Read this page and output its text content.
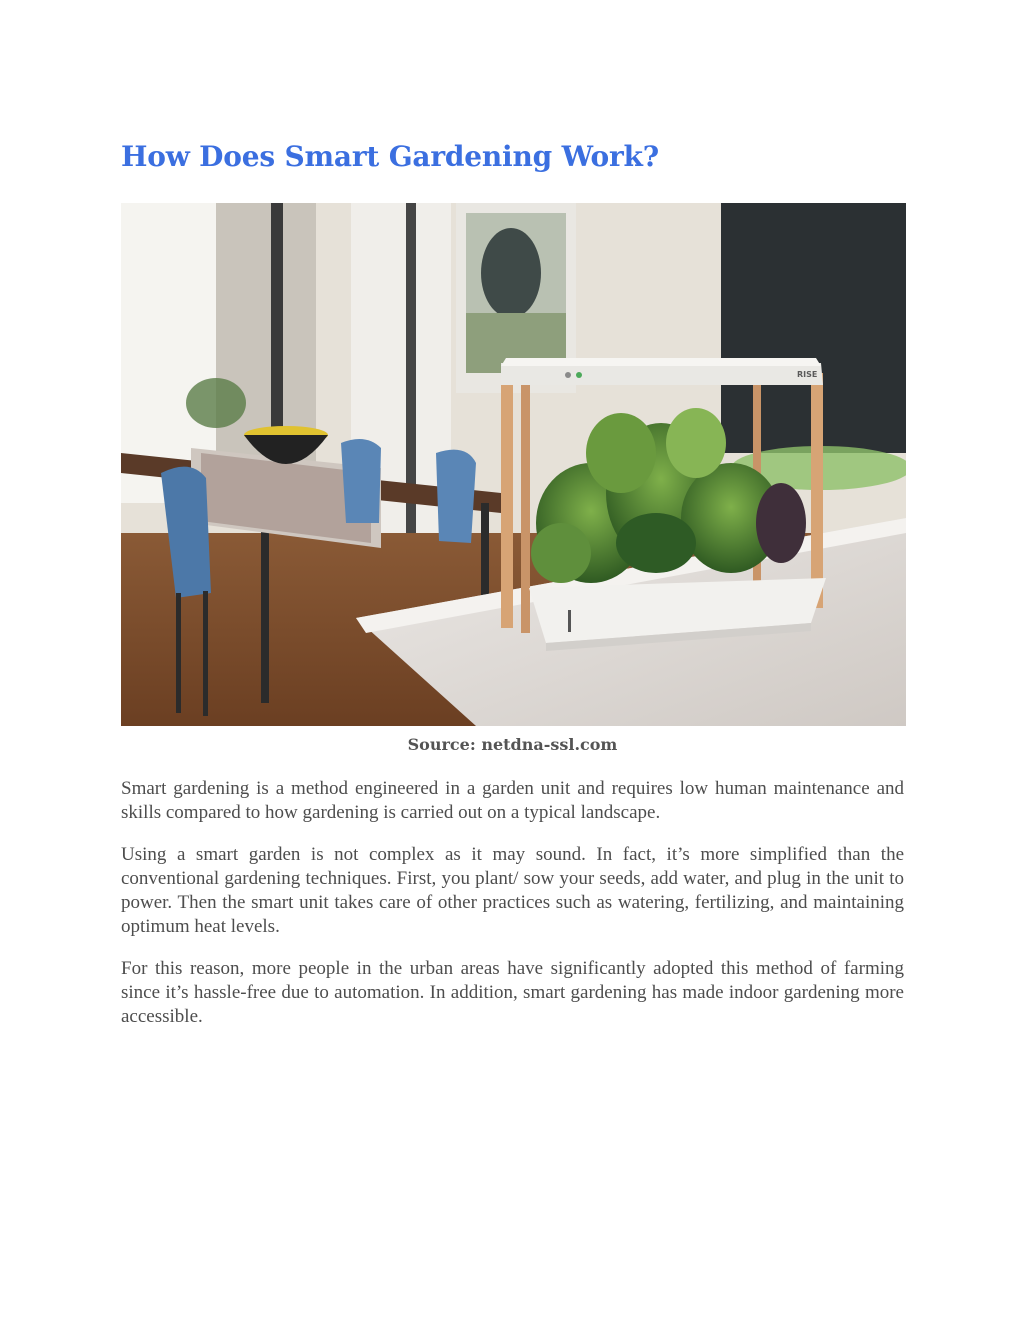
How Does Smart Gardening Work?
RISE
Source: netdna-ssl.com

Smart gardening is a method engineered in a garden unit and requires low human maintenance and skills compared to how gardening is carried out on a typical landscape.

Using a smart garden is not complex as it may sound. In fact, it’s more simplified than the conventional gardening techniques. First, you plant/ sow your seeds, add water, and plug in the unit to power. Then the smart unit takes care of other practices such as watering, fertilizing, and maintaining optimum heat levels.

For this reason, more people in the urban areas have significantly adopted this method of farming since it’s hassle-free due to automation. In addition, smart gardening has made indoor gardening more accessible.
